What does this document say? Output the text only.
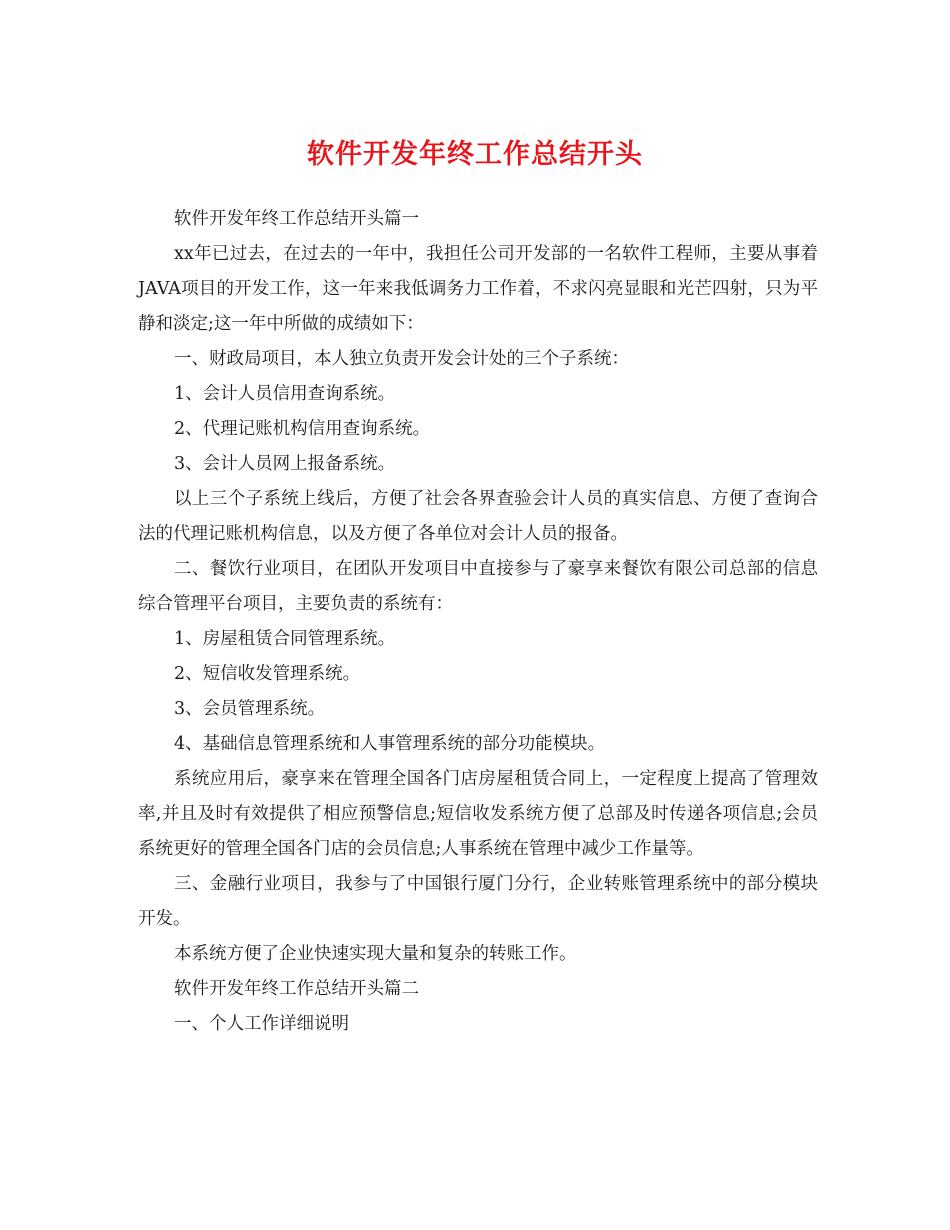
软件开发年终工作总结开头

软件开发年终工作总结开头篇一

xx年已过去，在过去的一年中，我担任公司开发部的一名软件工程师，主要从事着JAVA项目的开发工作，这一年来我低调务力工作着，不求闪亮显眼和光芒四射，只为平静和淡定;这一年中所做的成绩如下：

一、财政局项目，本人独立负责开发会计处的三个子系统：

1、会计人员信用查询系统。

2、代理记账机构信用查询系统。

3、会计人员网上报备系统。

以上三个子系统上线后，方便了社会各界查验会计人员的真实信息、方便了查询合法的代理记账机构信息，以及方便了各单位对会计人员的报备。

二、餐饮行业项目，在团队开发项目中直接参与了豪享来餐饮有限公司总部的信息综合管理平台项目，主要负责的系统有：

1、房屋租赁合同管理系统。

2、短信收发管理系统。

3、会员管理系统。

4、基础信息管理系统和人事管理系统的部分功能模块。

系统应用后，豪享来在管理全国各门店房屋租赁合同上，一定程度上提高了管理效率,并且及时有效提供了相应预警信息;短信收发系统方便了总部及时传递各项信息;会员系统更好的管理全国各门店的会员信息;人事系统在管理中减少工作量等。

三、金融行业项目，我参与了中国银行厦门分行，企业转账管理系统中的部分模块开发。

本系统方便了企业快速实现大量和复杂的转账工作。

软件开发年终工作总结开头篇二

一、个人工作详细说明
